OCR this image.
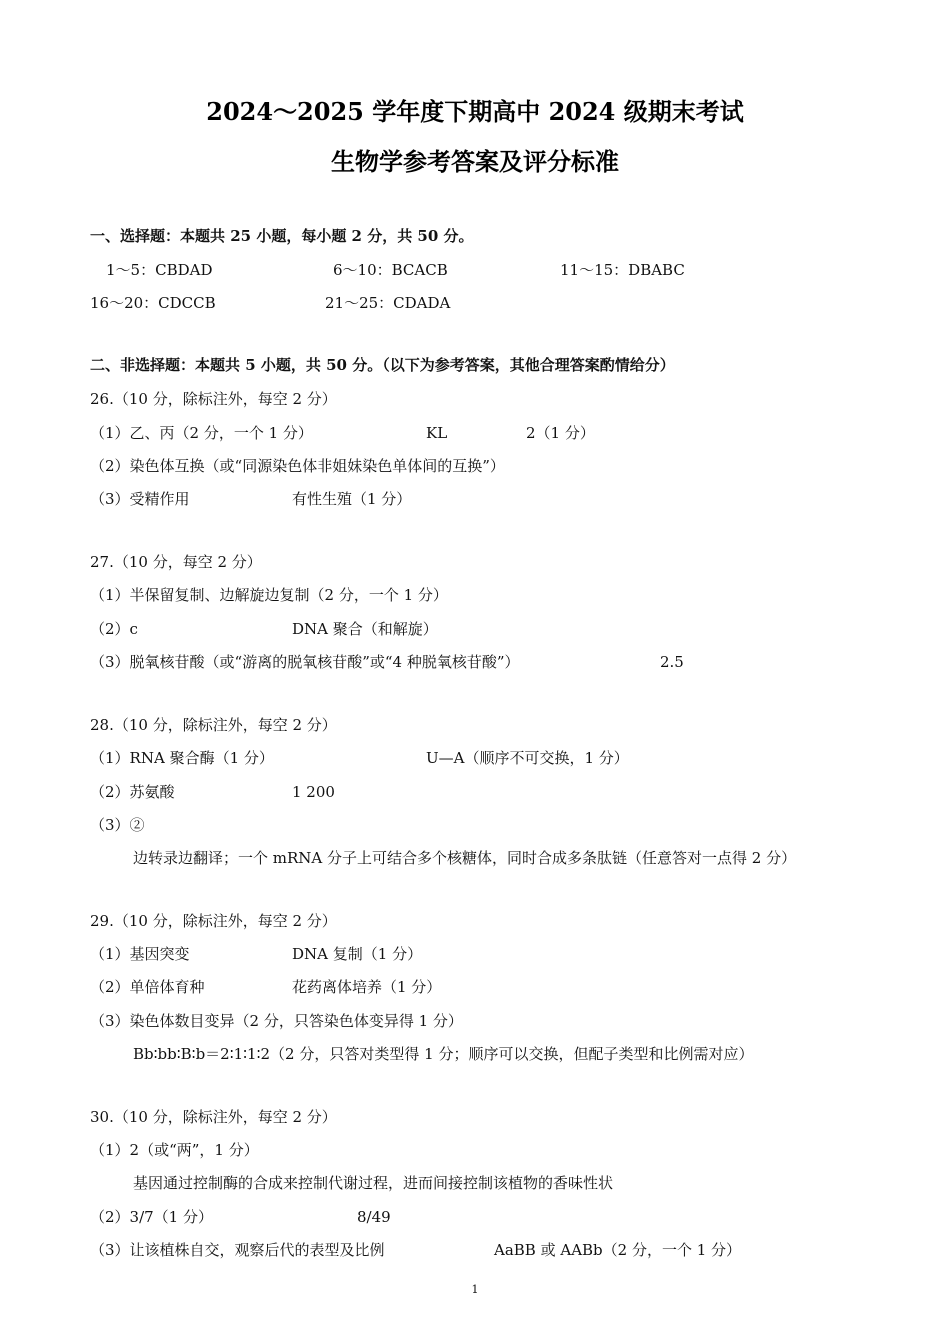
2024～2025 学年度下期高中 2024 级期末考试
生物学参考答案及评分标准
一、选择题：本题共 25 小题，每小题 2 分，共 50 分。
1～5：CBDAD	6～10：BCACB	11～15：DBABC
16～20：CDCCB	21～25：CDADA
二、非选择题：本题共 5 小题，共 50 分。（以下为参考答案，其他合理答案酌情给分）
26.（10 分，除标注外，每空 2 分）
（1）乙、丙（2 分，一个 1 分）	KL	2（1 分）
（2）染色体互换（或“同源染色体非姐妹染色单体间的互换”）
（3）受精作用	有性生殖（1 分）
27.（10 分，每空 2 分）
（1）半保留复制、边解旋边复制（2 分，一个 1 分）
（2）c	DNA 聚合（和解旋）
（3）脱氧核苷酸（或“游离的脱氧核苷酸”或“4 种脱氧核苷酸”）	2.5
28.（10 分，除标注外，每空 2 分）
（1）RNA 聚合酶（1 分）	U—A（顺序不可交换，1 分）
（2）苏氨酸	1 200
（3）②
边转录边翻译；一个 mRNA 分子上可结合多个核糖体，同时合成多条肽链（任意答对一点得 2 分）
29.（10 分，除标注外，每空 2 分）
（1）基因突变	DNA 复制（1 分）
（2）单倍体育种	花药离体培养（1 分）
（3）染色体数目变异（2 分，只答染色体变异得 1 分）
Bb∶bb∶B∶b＝2∶1∶1∶2（2 分，只答对类型得 1 分；顺序可以交换，但配子类型和比例需对应）
30.（10 分，除标注外，每空 2 分）
（1）2（或“两”，1 分）
基因通过控制酶的合成来控制代谢过程，进而间接控制该植物的香味性状
（2）3/7（1 分）	8/49
（3）让该植株自交，观察后代的表型及比例	AaBB 或 AABb（2 分，一个 1 分）
1
